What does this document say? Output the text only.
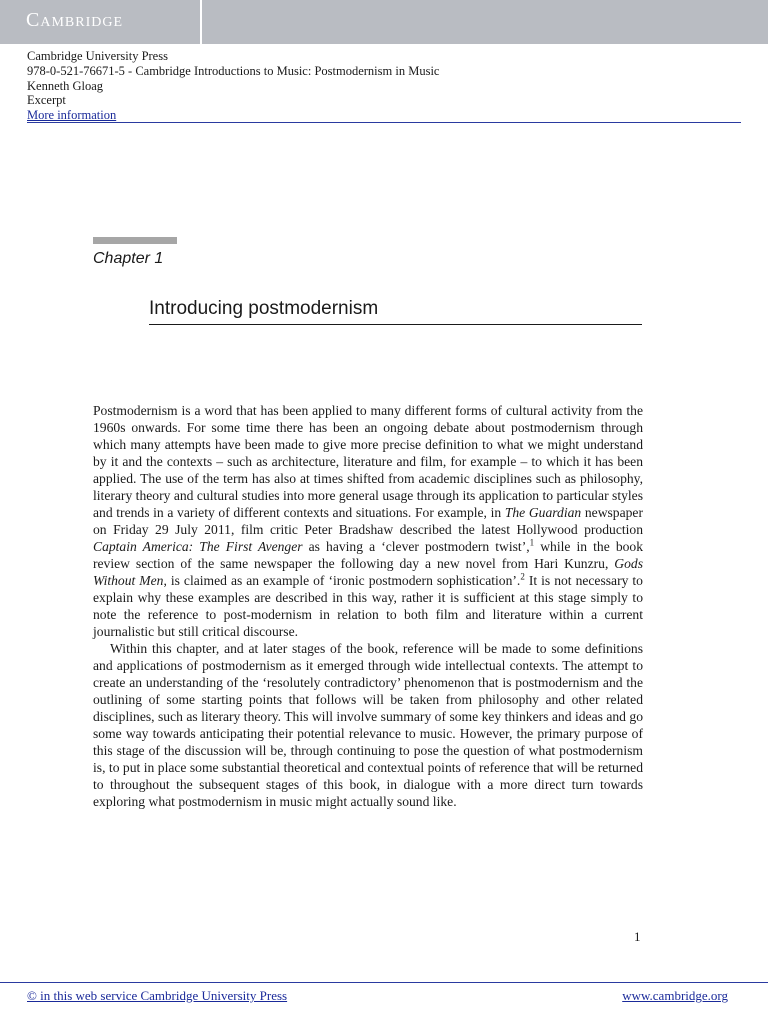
Cambridge
Cambridge University Press
978-0-521-76671-5 - Cambridge Introductions to Music: Postmodernism in Music
Kenneth Gloag
Excerpt
More information
Chapter 1
Introducing postmodernism

Postmodernism is a word that has been applied to many different forms of cultural activity from the 1960s onwards. For some time there has been an ongoing debate about postmodernism through which many attempts have been made to give more precise definition to what we might understand by it and the contexts – such as architecture, literature and film, for example – to which it has been applied. The use of the term has also at times shifted from academic disciplines such as philosophy, literary theory and cultural studies into more general usage through its application to particular styles and trends in a variety of different contexts and situations. For example, in The Guardian newspaper on Friday 29 July 2011, film critic Peter Bradshaw described the latest Hollywood production Captain America: The First Avenger as having a ‘clever postmodern twist’,$^1$ while in the book review section of the same newspaper the following day a new novel from Hari Kunzru, Gods Without Men, is claimed as an example of ‘ironic postmodern sophistication’.$^2$ It is not necessary to explain why these examples are described in this way, rather it is sufficient at this stage simply to note the reference to post-modernism in relation to both film and literature within a current journalistic but still critical discourse.

Within this chapter, and at later stages of the book, reference will be made to some definitions and applications of postmodernism as it emerged through wide intellectual contexts. The attempt to create an understanding of the ‘resolutely contradictory’ phenomenon that is postmodernism and the outlining of some starting points that follows will be taken from philosophy and other related disciplines, such as literary theory. This will involve summary of some key thinkers and ideas and go some way towards anticipating their potential relevance to music. However, the primary purpose of this stage of the discussion will be, through continuing to pose the question of what postmodernism is, to put in place some substantial theoretical and contextual points of reference that will be returned to throughout the subsequent stages of this book, in dialogue with a more direct turn towards exploring what postmodernism in music might actually sound like.

1
© in this web service Cambridge University Press	www.cambridge.org
